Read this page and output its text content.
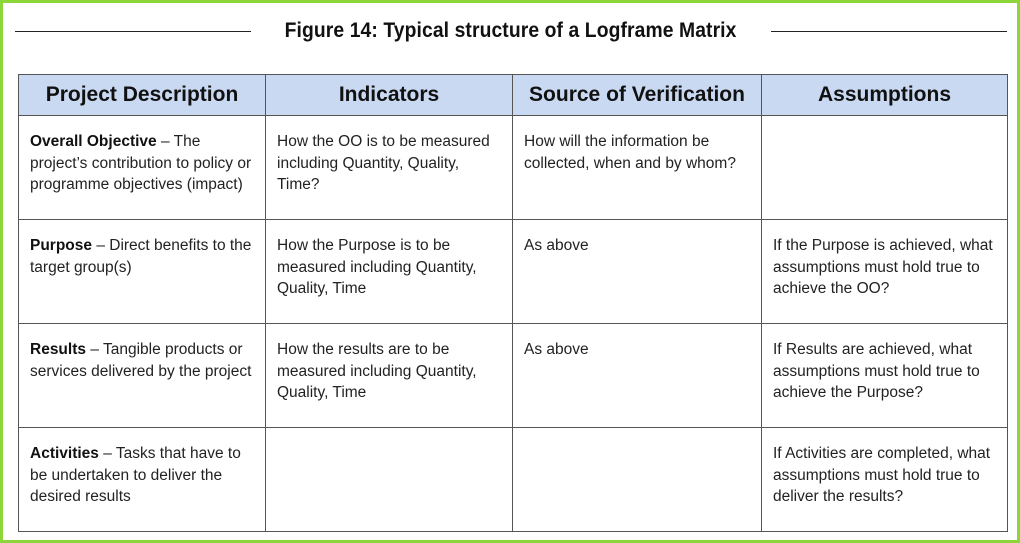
Figure 14: Typical structure of a Logframe Matrix
Project Description	Indicators	Source of Verification	Assumptions
Overall Objective – The project’s contribution to policy or programme objectives (impact)	How the OO is to be measured including Quantity, Quality, Time?	How will the information be collected, when and by whom?	
Purpose – Direct benefits to the target group(s)	How the Purpose is to be measured including Quantity, Quality, Time	As above	If the Purpose is achieved, what assumptions must hold true to achieve the OO?
Results – Tangible products or services delivered by the project	How the results are to be measured including Quantity, Quality, Time	As above	If Results are achieved, what assumptions must hold true to achieve the Purpose?
Activities – Tasks that have to be undertaken to deliver the desired results			If Activities are completed, what assumptions must hold true to deliver the results?
